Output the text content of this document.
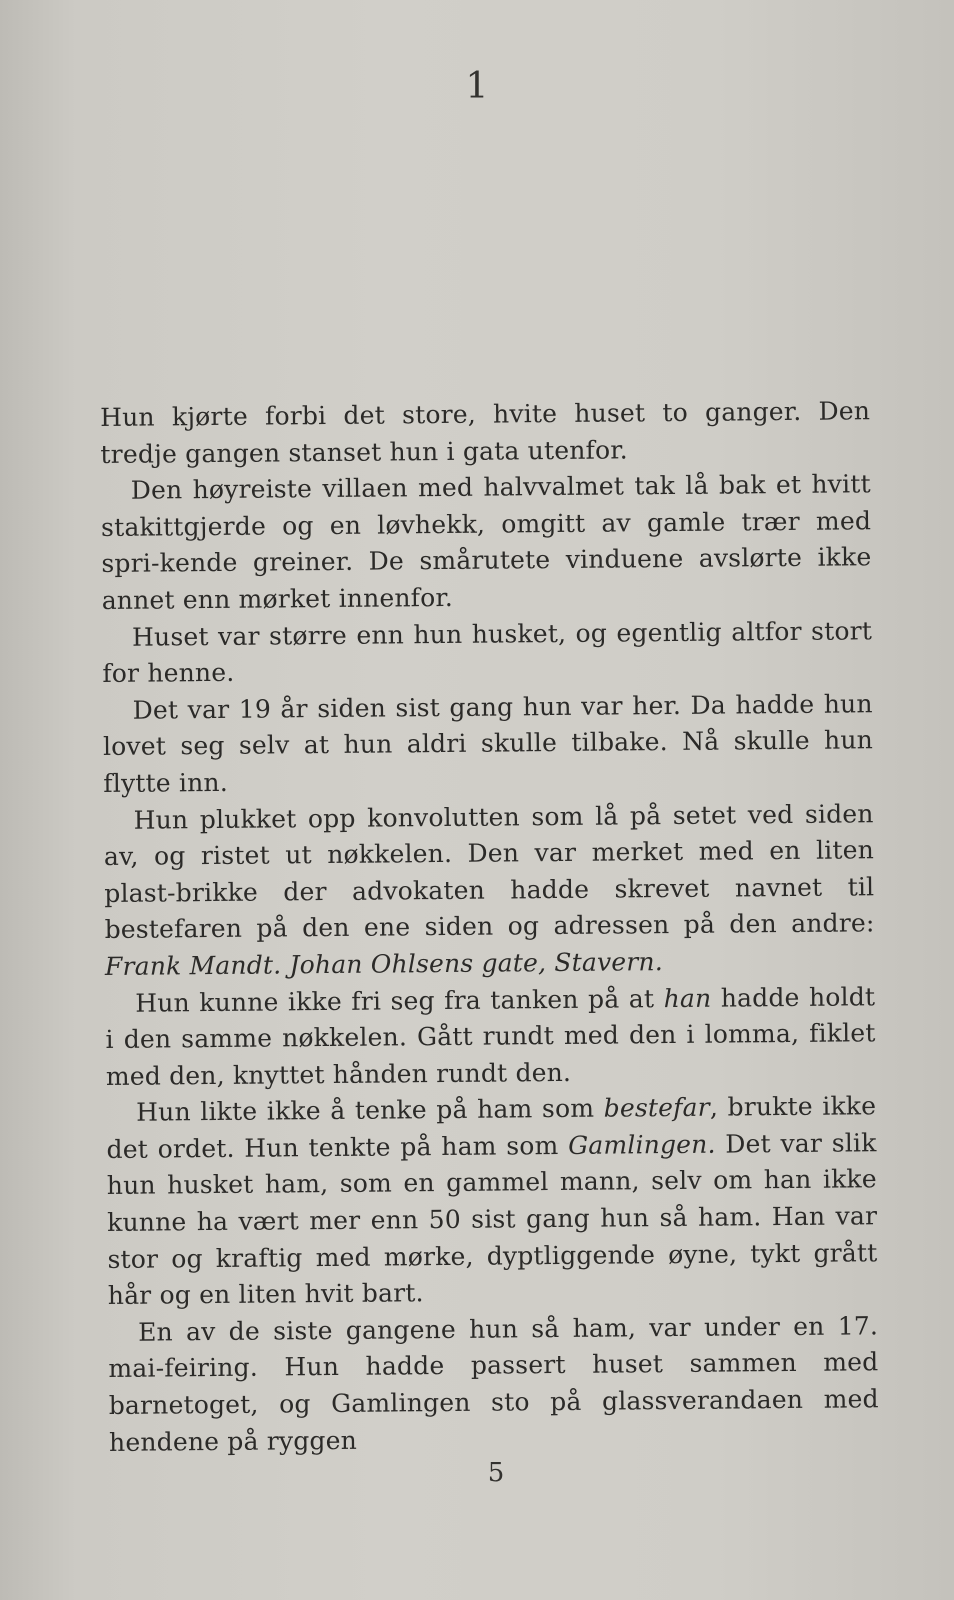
1

Hun kjørte forbi det store, hvite huset to ganger. Den tredje gangen stanset hun i gata utenfor.

Den høyreiste villaen med halvvalmet tak lå bak et hvitt stakittgjerde og en løvhekk, omgitt av gamle trær med spri-kende greiner. De smårutete vinduene avslørte ikke annet enn mørket innenfor.

Huset var større enn hun husket, og egentlig altfor stort for henne.

Det var 19 år siden sist gang hun var her. Da hadde hun lovet seg selv at hun aldri skulle tilbake. Nå skulle hun flytte inn.

Hun plukket opp konvolutten som lå på setet ved siden av, og ristet ut nøkkelen. Den var merket med en liten plast-brikke der advokaten hadde skrevet navnet til bestefaren på den ene siden og adressen på den andre: Frank Mandt. Johan Ohlsens gate, Stavern.

Hun kunne ikke fri seg fra tanken på at han hadde holdt i den samme nøkkelen. Gått rundt med den i lomma, fiklet med den, knyttet hånden rundt den.

Hun likte ikke å tenke på ham som bestefar, brukte ikke det ordet. Hun tenkte på ham som Gamlingen. Det var slik hun husket ham, som en gammel mann, selv om han ikke kunne ha vært mer enn 50 sist gang hun så ham. Han var stor og kraftig med mørke, dyptliggende øyne, tykt grått hår og en liten hvit bart.

En av de siste gangene hun så ham, var under en 17. mai-feiring. Hun hadde passert huset sammen med barnetoget, og Gamlingen sto på glassverandaen med hendene på ryggen

5
